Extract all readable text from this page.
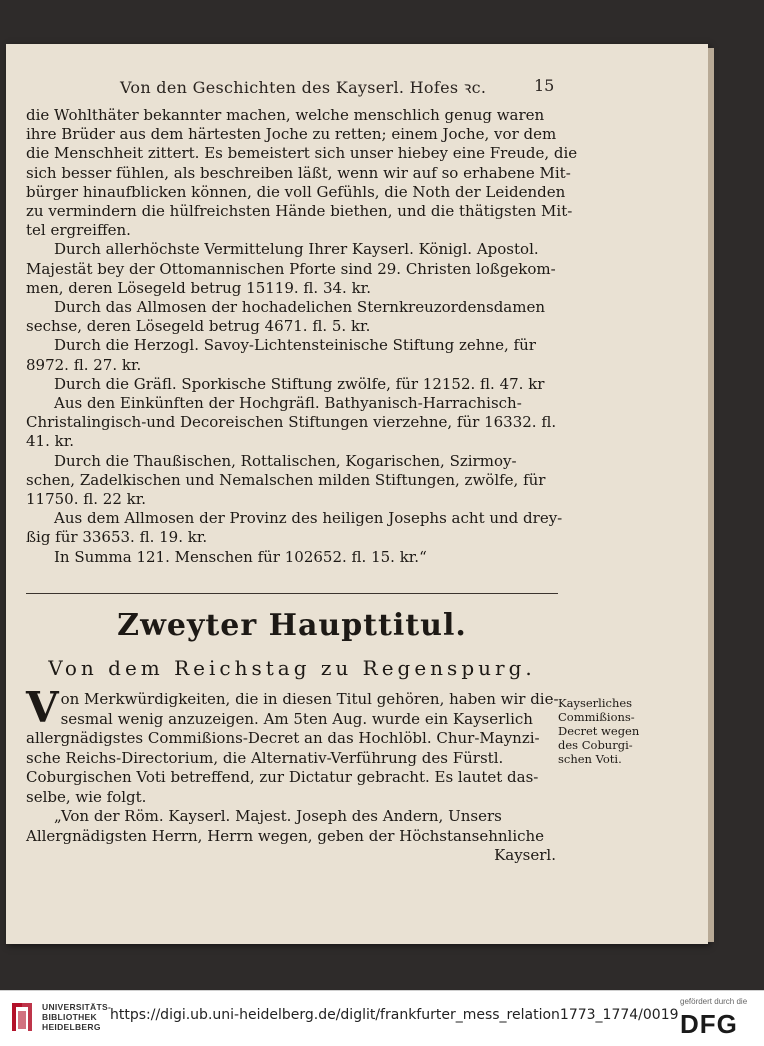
Von den Geschichten des Kayserl. Hofes ꝛc.	15

die Wohlthäter bekannter machen, welche menschlich genug waren

ihre Brüder aus dem härtesten Joche zu retten; einem Joche, vor dem

die Menschheit zittert. Es bemeistert sich unser hiebey eine Freude, die

sich besser fühlen, als beschreiben läßt, wenn wir auf so erhabene Mit-

bürger hinaufblicken können, die voll Gefühls, die Noth der Leidenden

zu vermindern die hülfreichsten Hände biethen, und die thätigsten Mit-

tel ergreiffen.

Durch allerhöchste Vermittelung Ihrer Kayserl. Königl. Apostol.

Majestät bey der Ottomannischen Pforte sind 29. Christen loßgekom-

men, deren Lösegeld betrug 15119. fl. 34. kr.

Durch das Allmosen der hochadelichen Sternkreuzordensdamen

sechse, deren Lösegeld betrug 4671. fl. 5. kr.

Durch die Herzogl. Savoy-Lichtensteinische Stiftung zehne, für

8972. fl. 27. kr.

Durch die Gräfl. Sporkische Stiftung zwölfe, für 12152. fl. 47. kr

Aus den Einkünften der Hochgräfl. Bathyanisch-Harrachisch-

Christalingisch-und Decoreischen Stiftungen vierzehne, für 16332. fl.

41. kr.

Durch die Thaußischen, Rottalischen, Kogarischen, Szirmoy-

schen, Zadelkischen und Nemalschen milden Stiftungen, zwölfe, für

11750. fl. 22 kr.

Aus dem Allmosen der Provinz des heiligen Josephs acht und drey-

ßig für 33653. fl. 19. kr.

In Summa 121. Menschen für 102652. fl. 15. kr.“

Zweyter Haupttitul.
Von dem Reichstag zu Regenspurg.
V on Merkwürdigkeiten, die in diesen Titul gehören, haben wir die-

sesmal wenig anzuzeigen. Am 5ten Aug. wurde ein Kayserlich

allergnädigstes Commißions-Decret an das Hochlöbl. Chur-Maynzi-

sche Reichs-Directorium, die Alternativ-Verführung des Fürstl.

Coburgischen Voti betreffend, zur Dictatur gebracht. Es lautet das-

selbe, wie folgt.

„Von der Röm. Kayserl. Majest. Joseph des Andern, Unsers

Allergnädigsten Herrn, Herrn wegen, geben der Höchstansehnliche

Kayserl.

Kayserliches

Commißions-

Decret wegen

des Coburgi-

schen Voti.

UNIVERSITÄTS-
BIBLIOTHEK
HEIDELBERG
https://digi.ub.uni-heidelberg.de/diglit/frankfurter_mess_relation1773_1774/0019
gefördert durch die
DFG
